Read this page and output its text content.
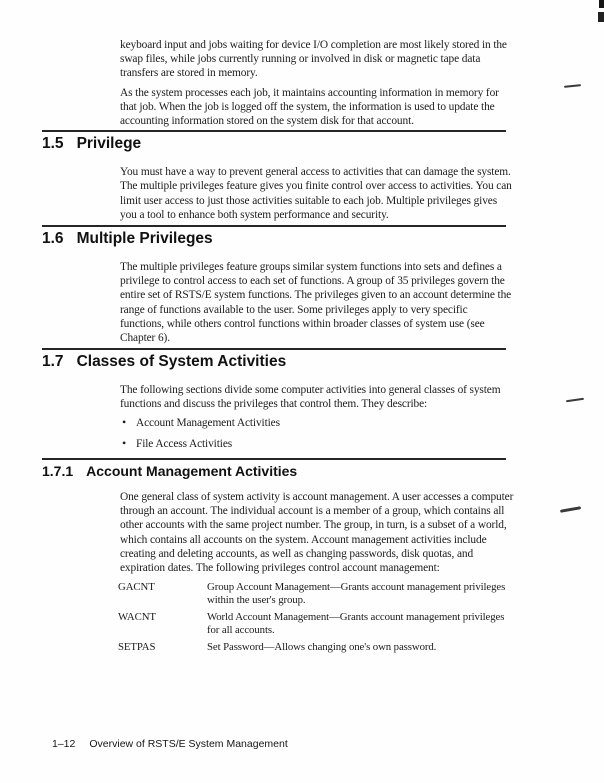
keyboard input and jobs waiting for device I/O completion are most likely stored in the swap files, while jobs currently running or involved in disk or magnetic tape data transfers are stored in memory.

As the system processes each job, it maintains accounting information in memory for that job. When the job is logged off the system, the information is used to update the accounting information stored on the system disk for that account.

1.5 Privilege

You must have a way to prevent general access to activities that can damage the system. The multiple privileges feature gives you finite control over access to activities. You can limit user access to just those activities suitable to each job. Multiple privileges gives you a tool to enhance both system performance and security.

1.6 Multiple Privileges

The multiple privileges feature groups similar system functions into sets and defines a privilege to control access to each set of functions. A group of 35 privileges govern the entire set of RSTS/E system functions. The privileges given to an account determine the range of functions available to the user. Some privileges apply to very specific functions, while others control functions within broader classes of system use (see Chapter 6).

1.7 Classes of System Activities

The following sections divide some computer activities into general classes of system functions and discuss the privileges that control them. They describe:

• Account Management Activities
• File Access Activities
1.7.1 Account Management Activities

One general class of system activity is account management. A user accesses a computer through an account. The individual account is a member of a group, which contains all other accounts with the same project number. The group, in turn, is a subset of a world, which contains all accounts on the system. Account management activities include creating and deleting accounts, as well as changing passwords, disk quotas, and expiration dates. The following privileges control account management:

GACNT	Group Account Management—Grants account management privileges within the user's group.
WACNT	World Account Management—Grants account management privileges for all accounts.
SETPAS	Set Password—Allows changing one's own password.
1–12 Overview of RSTS/E System Management
